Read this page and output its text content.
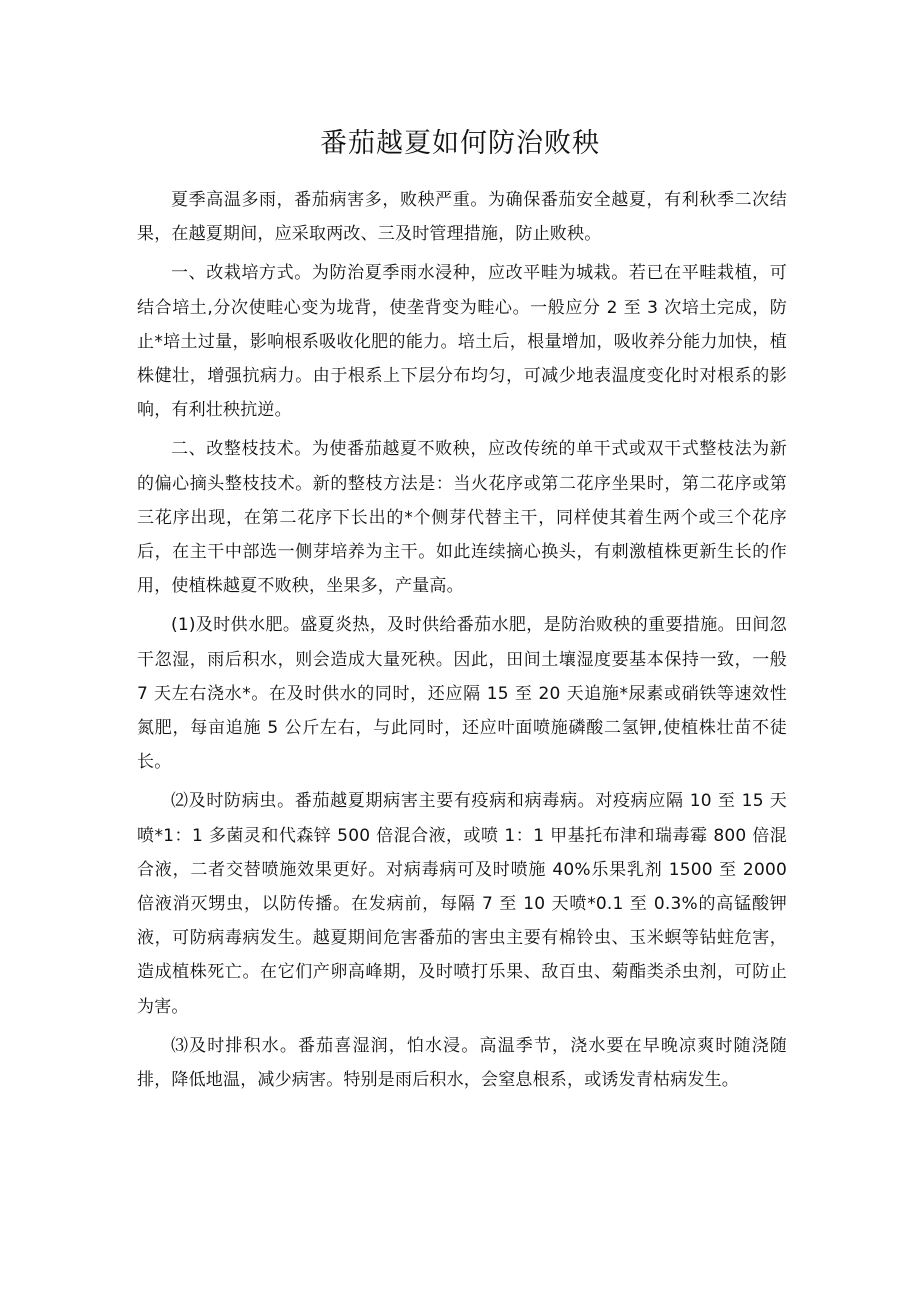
番茄越夏如何防治败秧

夏季高温多雨，番茄病害多，败秧严重。为确保番茄安全越夏，有利秋季二次结果，在越夏期间，应采取两改、三及时管理措施，防止败秧。

一、改栽培方式。为防治夏季雨水浸种，应改平畦为城栽。若已在平畦栽植，可结合培土,分次使畦心变为垅背，使垄背变为畦心。一般应分 2 至 3 次培土完成，防止*培土过量，影响根系吸收化肥的能力。培土后，根量增加，吸收养分能力加快，植株健壮，增强抗病力。由于根系上下层分布均匀，可减少地表温度变化时对根系的影响，有利壮秧抗逆。

二、改整枝技术。为使番茄越夏不败秧，应改传统的单干式或双干式整枝法为新的偏心摘头整枝技术。新的整枝方法是：当火花序或第二花序坐果时，第二花序或第三花序出现，在第二花序下长出的*个侧芽代替主干，同样使其着生两个或三个花序后，在主干中部选一侧芽培养为主干。如此连续摘心换头，有刺激植株更新生长的作用，使植株越夏不败秧，坐果多，产量高。

(1)及时供水肥。盛夏炎热，及时供给番茄水肥，是防治败秧的重要措施。田间忽干忽湿，雨后积水，则会造成大量死秧。因此，田间土壤湿度要基本保持一致，一般 7 天左右浇水*。在及时供水的同时，还应隔 15 至 20 天追施*尿素或硝铁等速效性氮肥，每亩追施 5 公斤左右，与此同时，还应叶面喷施磷酸二氢钾,使植株壮苗不徒长。

⑵及时防病虫。番茄越夏期病害主要有疫病和病毒病。对疫病应隔 10 至 15 天喷*1：1 多菌灵和代森锌 500 倍混合液，或喷 1：1 甲基托布津和瑞毒霉 800 倍混合液，二者交替喷施效果更好。对病毒病可及时喷施 40%乐果乳剂 1500 至 2000 倍液消灭甥虫，以防传播。在发病前，每隔 7 至 10 天喷*0.1 至 0.3%的高锰酸钾液，可防病毒病发生。越夏期间危害番茄的害虫主要有棉铃虫、玉米螟等钻蛀危害，造成植株死亡。在它们产卵高峰期，及时喷打乐果、敌百虫、菊酯类杀虫剂，可防止为害。

⑶及时排积水。番茄喜湿润，怕水浸。高温季节，浇水要在早晚凉爽时随浇随排，降低地温，减少病害。特别是雨后积水，会窒息根系，或诱发青枯病发生。
